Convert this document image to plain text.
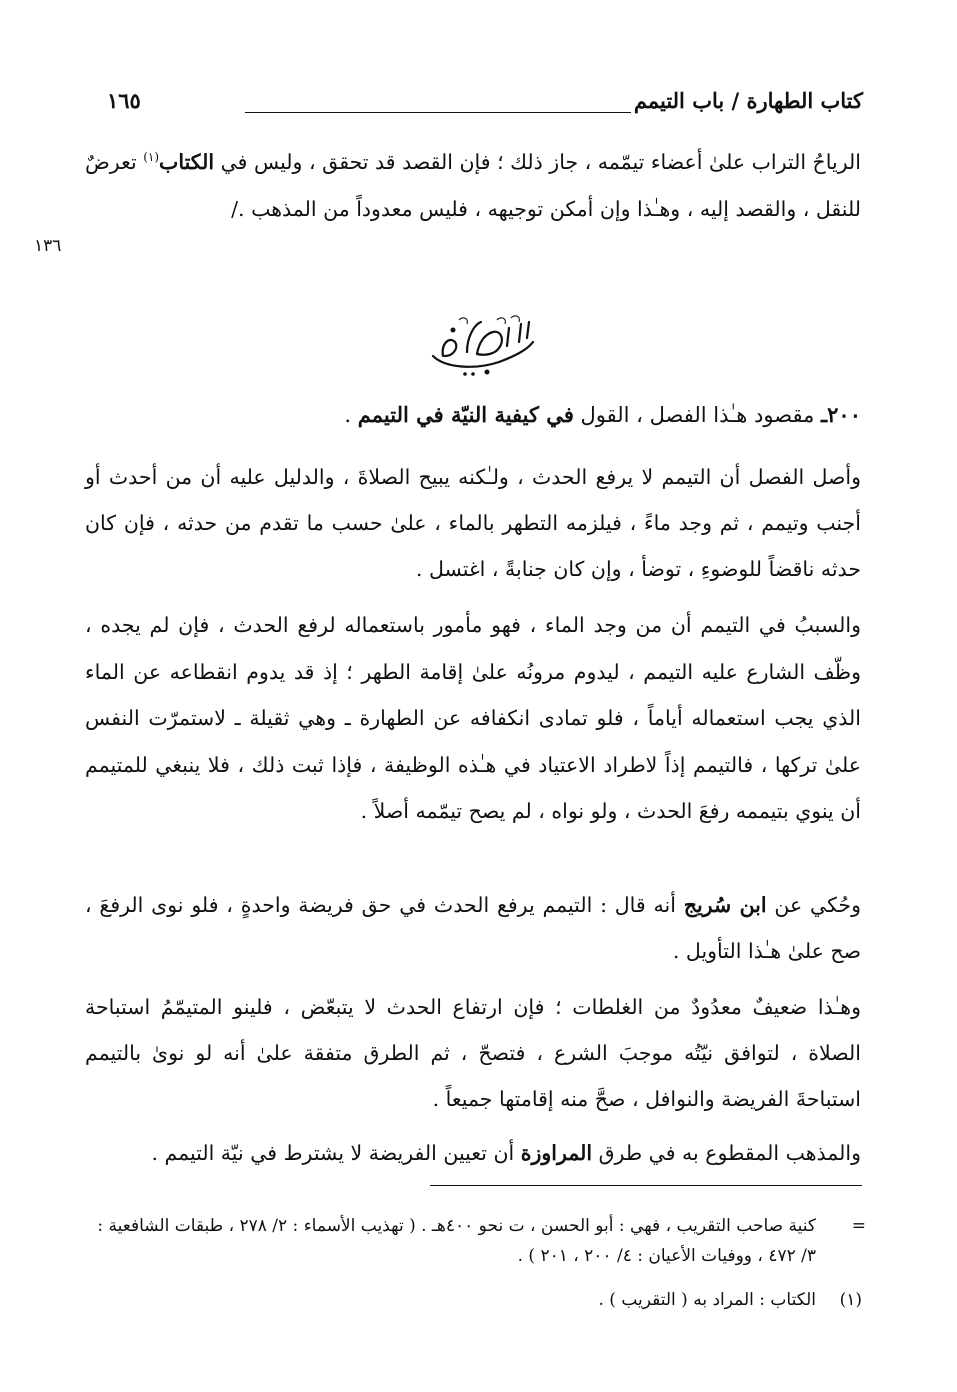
كتاب الطهارة / باب التيمم
١٦٥
١٣٦
الرياحُ التراب علىٰ أعضاء تيمّمه ، جاز ذلك ؛ فإن القصد قد تحقق ، وليس في الكتاب$^{(١)}$ تعرضٌ للنقل ، والقصد إليه ، وهـٰذا وإن أمكن توجيهه ، فليس معدوداً من المذهب ./
٢٠٠ـ مقصود هـٰذا الفصل ، القول في كيفية النيّة في التيمم .
وأصل الفصل أن التيمم لا يرفع الحدث ، ولـٰكنه يبيح الصلاةَ ، والدليل عليه أن من أحدث أو أجنب وتيمم ، ثم وجد ماءً ، فيلزمه التطهر بالماء ، علىٰ حسب ما تقدم من حدثه ، فإن كان حدثه ناقضاً للوضوءِ ، توضأ ، وإن كان جنابةً ، اغتسل .
والسببُ في التيمم أن من وجد الماء ، فهو مأمور باستعماله لرفع الحدث ، فإن لم يجده ، وظّف الشارع عليه التيمم ، ليدوم مرونُه علىٰ إقامة الطهر ؛ إذ قد يدوم انقطاعه عن الماء الذي يجب استعماله أياماً ، فلو تمادى انكفافه عن الطهارة ـ وهي ثقيلة ـ لاستمرّت النفس علىٰ تركها ، فالتيمم إذاً لاطراد الاعتياد في هـٰذه الوظيفة ، فإذا ثبت ذلك ، فلا ينبغي للمتيمم أن ينوي بتيممه رفعَ الحدث ، ولو نواه ، لم يصح تيمّمه أصلاً .
وحُكي عن ابن سُريج أنه قال : التيمم يرفع الحدث في حق فريضة واحدةٍ ، فلو نوى الرفعَ ، صح علىٰ هـٰذا التأويل .
وهـٰذا ضعيفٌ معدُودٌ من الغلطات ؛ فإن ارتفاع الحدث لا يتبعّض ، فلينو المتيمّمُ استباحة الصلاة ، لتوافق نيّتُه موجبَ الشرع ، فتصحّ ، ثم الطرق متفقة علىٰ أنه لو نوىٰ بالتيمم استباحةَ الفريضة والنوافل ، صحَّ منه إقامتها جميعاً .
والمذهب المقطوع به في طرق المراوزة أن تعيين الفريضة لا يشترط في نيّة التيمم .
=
كنية صاحب التقريب ، فهي : أبو الحسن ، ت نحو ٤٠٠هـ . ( تهذيب الأسماء : ٢/ ٢٧٨ ، طبقات الشافعية : ٣/ ٤٧٢ ، ووفيات الأعيان : ٤/ ٢٠٠ ، ٢٠١ ) .
(١)
الكتاب : المراد به ( التقريب ) .
